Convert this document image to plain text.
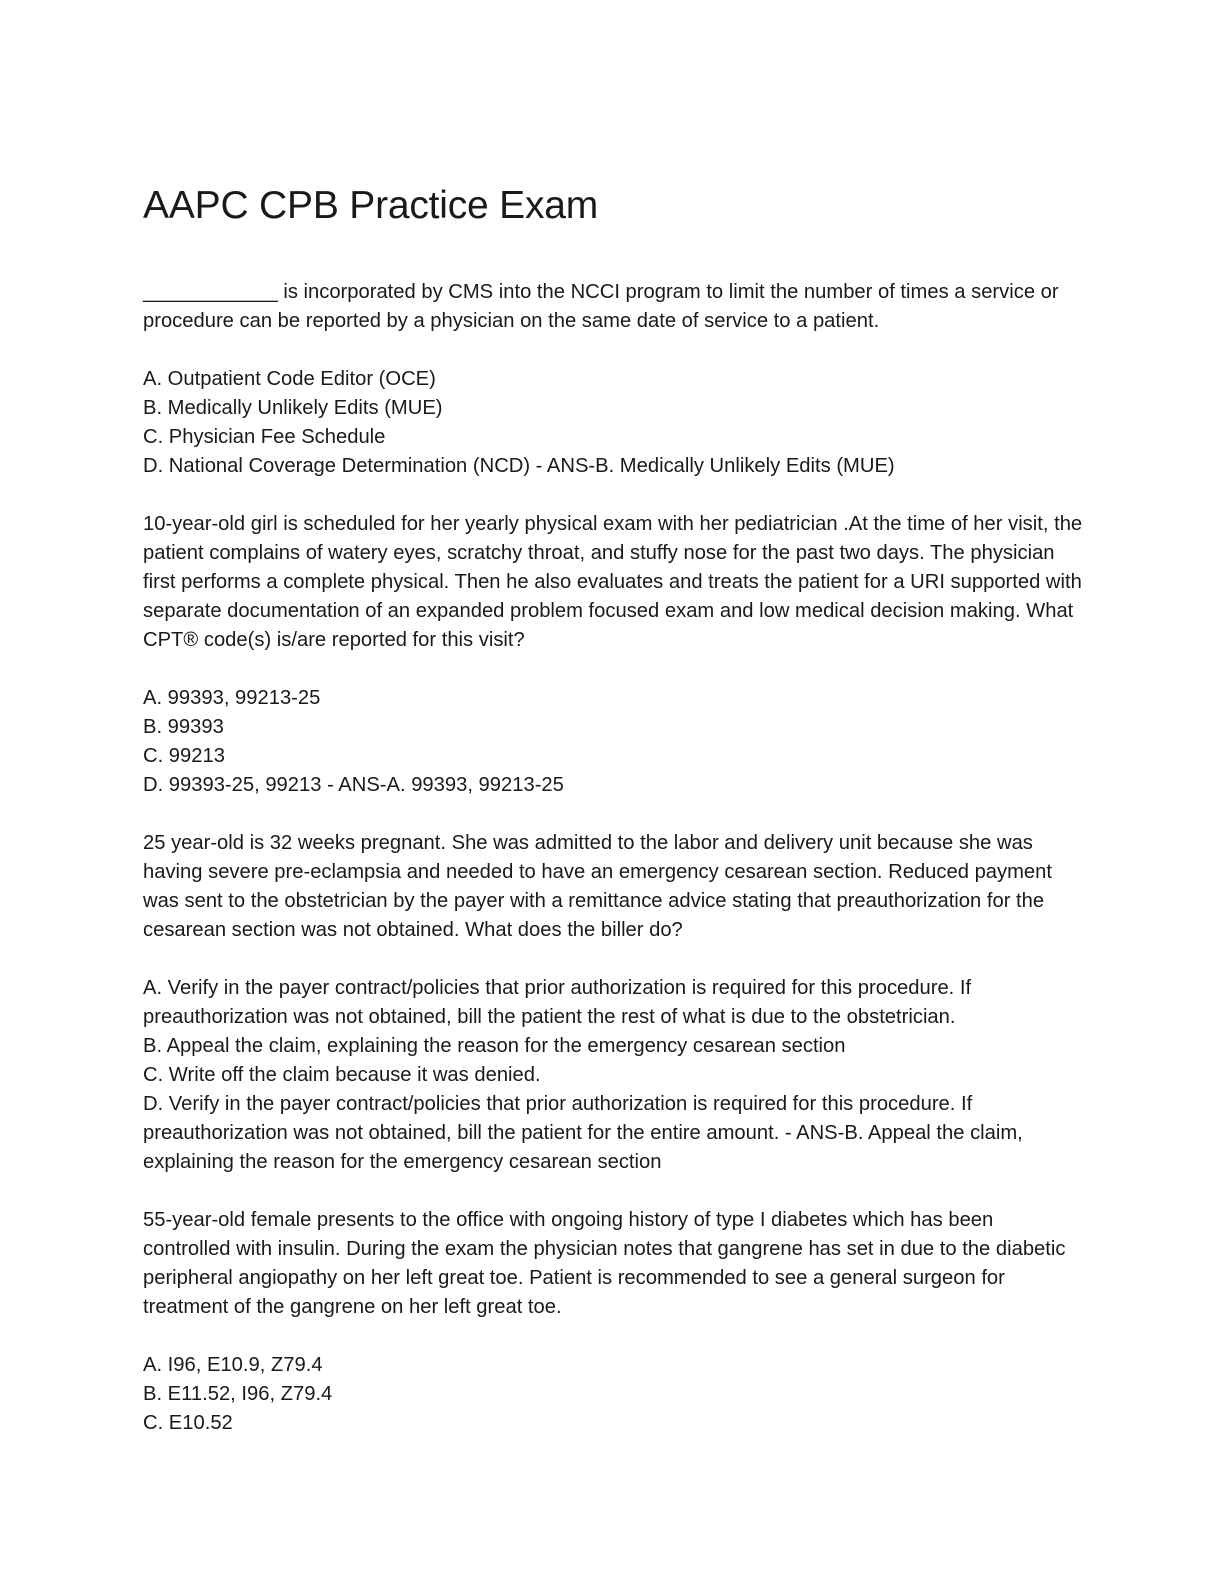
AAPC CPB Practice Exam

____________ is incorporated by CMS into the NCCI program to limit the number of times a service or procedure can be reported by a physician on the same date of service to a patient.

A. Outpatient Code Editor (OCE)
B. Medically Unlikely Edits (MUE)
C. Physician Fee Schedule
D. National Coverage Determination (NCD) - ANS-B. Medically Unlikely Edits (MUE)

10-year-old girl is scheduled for her yearly physical exam with her pediatrician .At the time of her visit, the patient complains of watery eyes, scratchy throat, and stuffy nose for the past two days. The physician first performs a complete physical. Then he also evaluates and treats the patient for a URI supported with separate documentation of an expanded problem focused exam and low medical decision making. What CPT® code(s) is/are reported for this visit?

A. 99393, 99213-25
B. 99393
C. 99213
D. 99393-25, 99213 - ANS-A. 99393, 99213-25

25 year-old is 32 weeks pregnant. She was admitted to the labor and delivery unit because she was having severe pre-eclampsia and needed to have an emergency cesarean section. Reduced payment was sent to the obstetrician by the payer with a remittance advice stating that preauthorization for the cesarean section was not obtained. What does the biller do?

A. Verify in the payer contract/policies that prior authorization is required for this procedure. If preauthorization was not obtained, bill the patient the rest of what is due to the obstetrician.
B. Appeal the claim, explaining the reason for the emergency cesarean section
C. Write off the claim because it was denied.
D. Verify in the payer contract/policies that prior authorization is required for this procedure. If preauthorization was not obtained, bill the patient for the entire amount. - ANS-B. Appeal the claim, explaining the reason for the emergency cesarean section

55-year-old female presents to the office with ongoing history of type I diabetes which has been controlled with insulin. During the exam the physician notes that gangrene has set in due to the diabetic peripheral angiopathy on her left great toe. Patient is recommended to see a general surgeon for treatment of the gangrene on her left great toe.

A. I96, E10.9, Z79.4
B. E11.52, I96, Z79.4
C. E10.52
